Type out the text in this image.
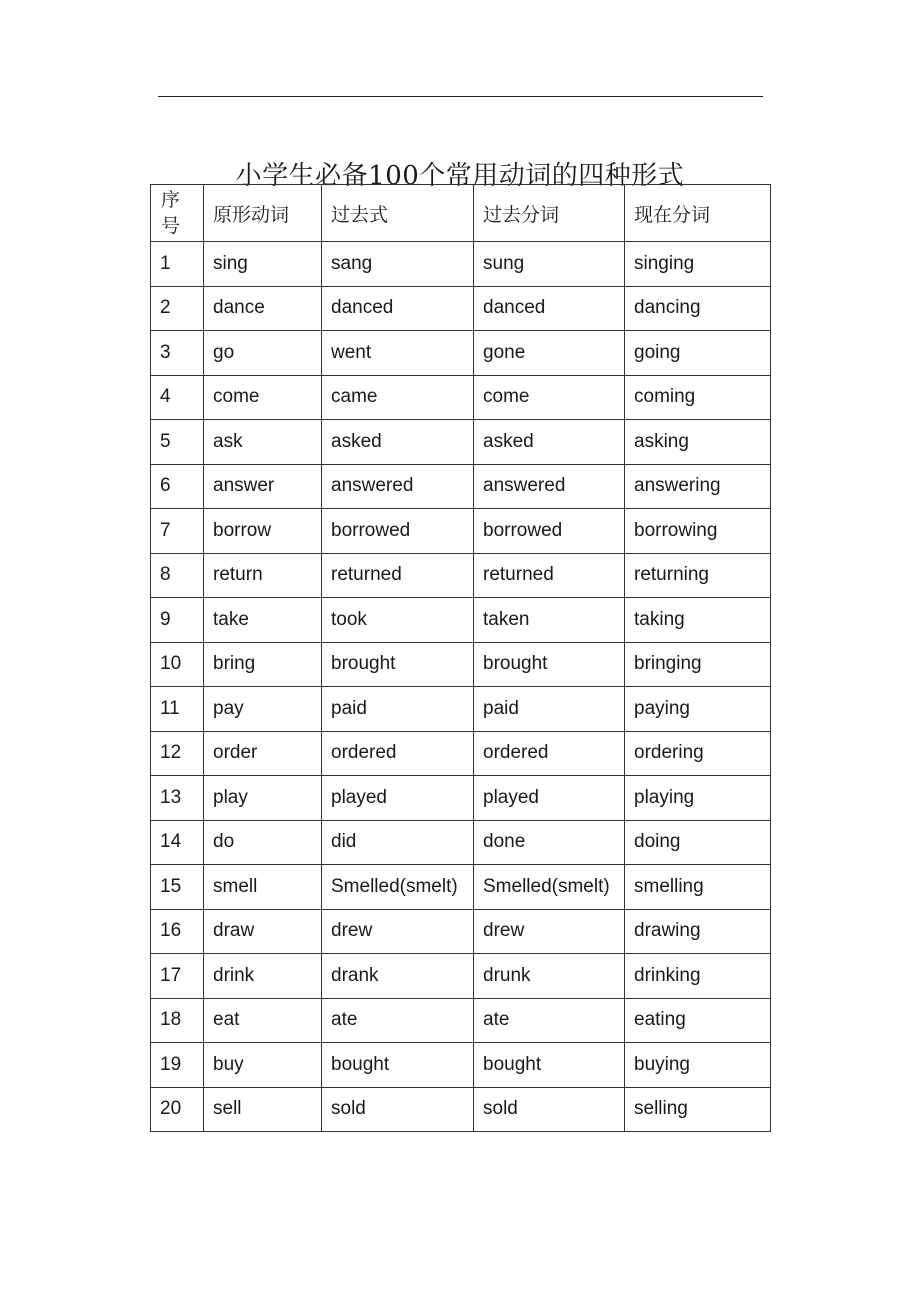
小学生必备100个常用动词的四种形式
序号	原形动词	过去式	过去分词	现在分词
1	sing	sang	sung	singing
2	dance	danced	danced	dancing
3	go	went	gone	going
4	come	came	come	coming
5	ask	asked	asked	asking
6	answer	answered	answered	answering
7	borrow	borrowed	borrowed	borrowing
8	return	returned	returned	returning
9	take	took	taken	taking
10	bring	brought	brought	bringing
11	pay	paid	paid	paying
12	order	ordered	ordered	ordering
13	play	played	played	playing
14	do	did	done	doing
15	smell	Smelled(smelt)	Smelled(smelt)	smelling
16	draw	drew	drew	drawing
17	drink	drank	drunk	drinking
18	eat	ate	ate	eating
19	buy	bought	bought	buying
20	sell	sold	sold	selling
